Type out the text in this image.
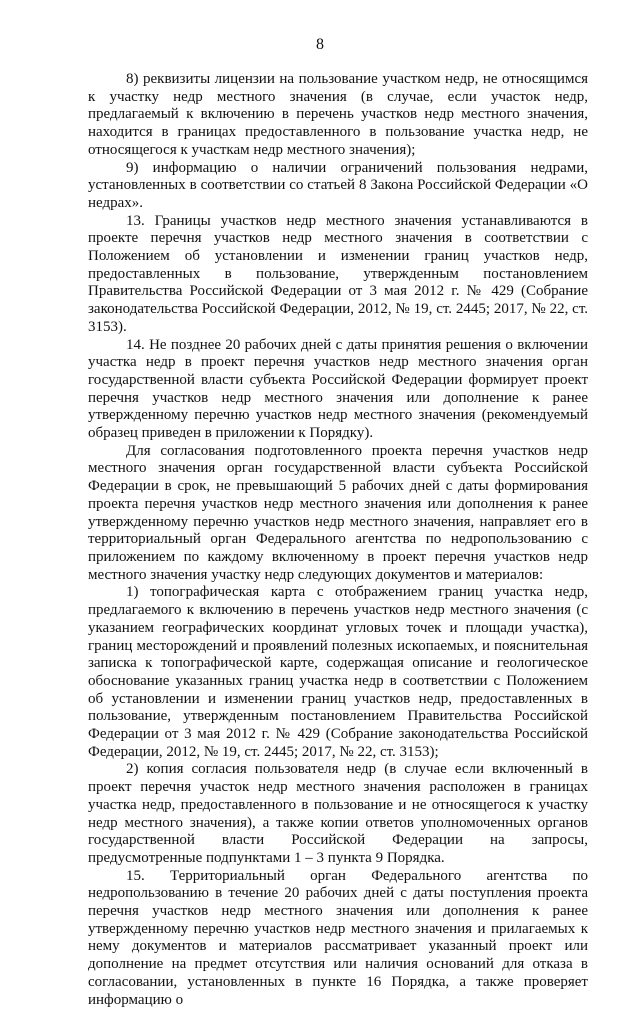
8

8) реквизиты лицензии на пользование участком недр, не относящимся к участку недр местного значения (в случае, если участок недр, предлагаемый к включению в перечень участков недр местного значения, находится в границах предоставленного в пользование участка недр, не относящегося к участкам недр местного значения);

9) информацию о наличии ограничений пользования недрами, установленных в соответствии со статьей 8 Закона Российской Федерации «О недрах».

13. Границы участков недр местного значения устанавливаются в проекте перечня участков недр местного значения в соответствии с Положением об установлении и изменении границ участков недр, предоставленных в пользование, утвержденным постановлением Правительства Российской Федерации от 3 мая 2012 г. № 429 (Собрание законодательства Российской Федерации, 2012, № 19, ст. 2445; 2017, № 22, ст. 3153).

14. Не позднее 20 рабочих дней с даты принятия решения о включении участка недр в проект перечня участков недр местного значения орган государственной власти субъекта Российской Федерации формирует проект перечня участков недр местного значения или дополнение к ранее утвержденному перечню участков недр местного значения (рекомендуемый образец приведен в приложении к Порядку).

Для согласования подготовленного проекта перечня участков недр местного значения орган государственной власти субъекта Российской Федерации в срок, не превышающий 5 рабочих дней с даты формирования проекта перечня участков недр местного значения или дополнения к ранее утвержденному перечню участков недр местного значения, направляет его в территориальный орган Федерального агентства по недропользованию с приложением по каждому включенному в проект перечня участков недр местного значения участку недр следующих документов и материалов:

1) топографическая карта с отображением границ участка недр, предлагаемого к включению в перечень участков недр местного значения (с указанием географических координат угловых точек и площади участка), границ месторождений и проявлений полезных ископаемых, и пояснительная записка к топографической карте, содержащая описание и геологическое обоснование указанных границ участка недр в соответствии с Положением об установлении и изменении границ участков недр, предоставленных в пользование, утвержденным постановлением Правительства Российской Федерации от 3 мая 2012 г. № 429 (Собрание законодательства Российской Федерации, 2012, № 19, ст. 2445; 2017, № 22, ст. 3153);

2) копия согласия пользователя недр (в случае если включенный в проект перечня участок недр местного значения расположен в границах участка недр, предоставленного в пользование и не относящегося к участку недр местного значения), а также копии ответов уполномоченных органов государственной власти Российской Федерации на запросы, предусмотренные подпунктами 1 – 3 пункта 9 Порядка.

15. Территориальный орган Федерального агентства по недропользованию в течение 20 рабочих дней с даты поступления проекта перечня участков недр местного значения или дополнения к ранее утвержденному перечню участков недр местного значения и прилагаемых к нему документов и материалов рассматривает указанный проект или дополнение на предмет отсутствия или наличия оснований для отказа в согласовании, установленных в пункте 16 Порядка, а также проверяет информацию о
